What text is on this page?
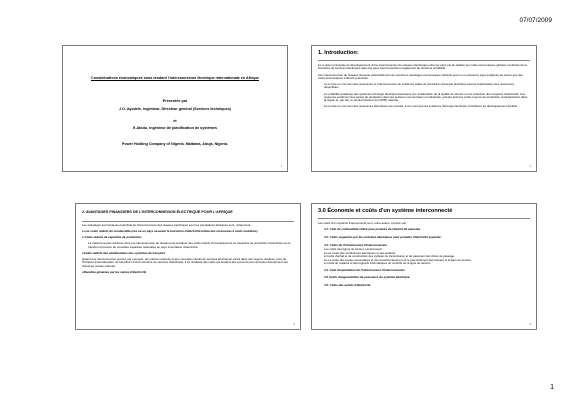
07/07/2009
Considérations économiques sous-tendant l'interconnexion électrique internationale en Afrique
Présentée par
J.O. Ayodele, Ingénieur, Directeur général (Services techniques)
et
E.Abutu, Ingénieur de planification de systèmes
Power Holding Company of Nigeria, Maitama, Abuja, Nigeria.
1
1. Introduction:

● La raison principale du développement d'une interconnexion de réseaux électriques entre les pays est de réaliser les coûts économiques globaux combinés de la fourniture de services électriques dans les pays interconnectés et également de renforcer la fiabilité.

●Un interconnexion de réseaux présente potentiellement de nombreux avantages économiques indirects pour un ou plusieurs pays impliqués de même que des coûts économiques indirects potentiels.

● La mise en commun des ressources et l'interconnexion de systèmes isolés de production d'énergie électrique permet l'optimisation des ressources disponibles

● La fiabilité améliorée des systèmes d'énergie électrique favorisera une amélioration de la qualité du service et une réduction des coupures d'électricité. Ces coupures entraînent des pertes de production dans les secteurs commerciaux et industriels, grevant ainsi les coûts moyens de production manufacturière dans la région et, par fret, le produit intérieur brut (PIB) national.

● La mise en commun des ressources électriques est cruciale, à l'en veut que les systèmes d'énergie électrique contribuent au développement durable

2
2. AVANTAGES FINANCIERS DE L'INTERCONNEXION ÉLECTRIQUE POUR L'AFRIQUE

Les avantages économiques potentiels de l'interconnexion des réseaux électriques pour les populations africaines sont, notamment :

● Les coûts réduits du combustible (ces où un pays assurant la fourniture d'électricité utilise des ressources à coûts moindres)

● Coûts réduits de capacités de production

La manière la plus évidente dont une interconnexion de réseau peut entraîner des coûts réduits d'investissement en capacités de production d'électricité est le transfert du besoin de nouvelles capacités nationales au pays importateur d'électricité.

●Coûts réduits des améliorations des systèmes de transport

Quand une interconnexion permet, par exemple, aux clients existants et aux nouveaux clients de services électriques vivant dans des régions reculées, près de frontières internationales, de bénéficier d'une fourniture de services d'électricité, il en résultera des coûts qui auraient été encourus par raccorder directement ces clients au réseau national.

●Recettes générées par les ventes d'électricité

3
3.0 Économie et coûts d'un système interconnecté

Les coûts d'un système interconnecté sont, entre autres, comme suit :

3.1. Coût du combustible utilisé pour produire de l'électricité exportée

3.2. Coûts supportés par les centrales électriques pour produire l'électricité exportée

3.3. Coûts de l'infrastructure d'interconnexion

Les coûts des lignes de tension comprennent :

● Les coûts des conducteurs électriques et des isolants.

● Coûts d'achat et de construction des pylônes de transmission et de paiement des droits de passage.

● Les coûts des postes secondaires et des transformateurs pour le raccordement des réseaux à la ligne de tension.

● Coûts du matériel et des logiciels informatiques de contrôle de la ligne de tension

3.4. Coût d'exploitation de l'infrastructure d'interconnexion

3.5 Coûts d'augmentation de puissance du système électrique

3.6. Coûts des achats d'électricité

4
1
